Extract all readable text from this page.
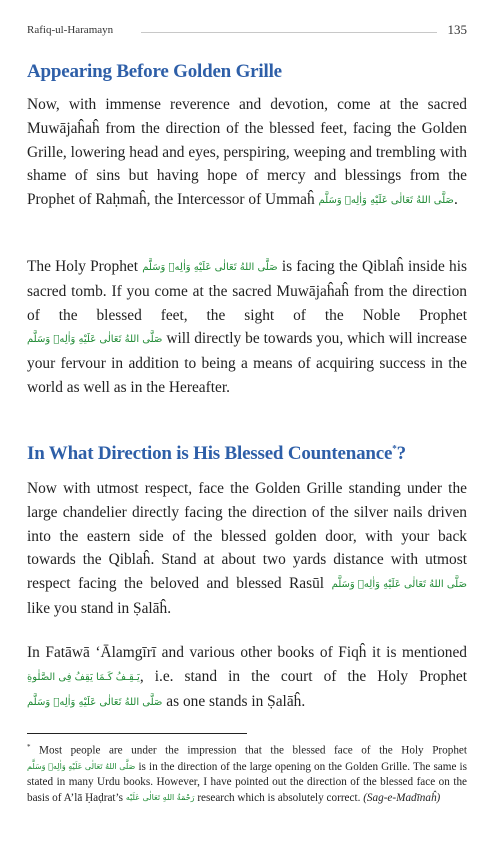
Rafiq-ul-Haramayn	135
Appearing Before Golden Grille

Now, with immense reverence and devotion, come at the sacred Muwājaĥaĥ from the direction of the blessed feet, facing the Golden Grille, lowering head and eyes, perspiring, weeping and trembling with shame of sins but having hope of mercy and blessings from the Prophet of Raḥmaĥ, the Intercessor of Ummaĥ صَلَّى اللهُ تَعَالٰى عَلَيْهِ وَاٰلِهٖ وَسَلَّم.

The Holy Prophet صَلَّى اللهُ تَعَالٰى عَلَيْهِ وَاٰلِهٖ وَسَلَّم is facing the Qiblaĥ inside his sacred tomb. If you come at the sacred Muwājaĥaĥ from the direction of the blessed feet, the sight of the Noble Prophet صَلَّى اللهُ تَعَالٰى عَلَيْهِ وَاٰلِهٖ وَسَلَّم will directly be towards you, which will increase your fervour in addition to being a means of acquiring success in the world as well as in the Hereafter.

In What Direction is His Blessed Countenance*?

Now with utmost respect, face the Golden Grille standing under the large chandelier directly facing the direction of the silver nails driven into the eastern side of the blessed golden door, with your back towards the Qiblaĥ. Stand at about two yards distance with utmost respect facing the beloved and blessed Rasūl صَلَّى اللهُ تَعَالٰى عَلَيْهِ وَاٰلِهٖ وَسَلَّم like you stand in Ṣalāĥ.

In Fatāwā ‘Ālamgīrī and various other books of Fiqĥ it is mentioned يَـقِـفُ كَـمَا يَقِفُ فِى الصَّلٰوةِ, i.e. stand in the court of the Holy Prophet صَلَّى اللهُ تَعَالٰى عَلَيْهِ وَاٰلِهٖ وَسَلَّم as one stands in Ṣalāĥ.

* Most people are under the impression that the blessed face of the Holy Prophet صَلَّى اللهُ تَعَالٰى عَلَيْهِ وَاٰلِهٖ وَسَلَّم is in the direction of the large opening on the Golden Grille. The same is stated in many Urdu books. However, I have pointed out the direction of the blessed face on the basis of A’lā Ḥaḍrat’s رَحْمَةُ اللهِ تَعَالٰى عَلَيْه research which is absolutely correct. (Sag-e-Madīnaĥ)
